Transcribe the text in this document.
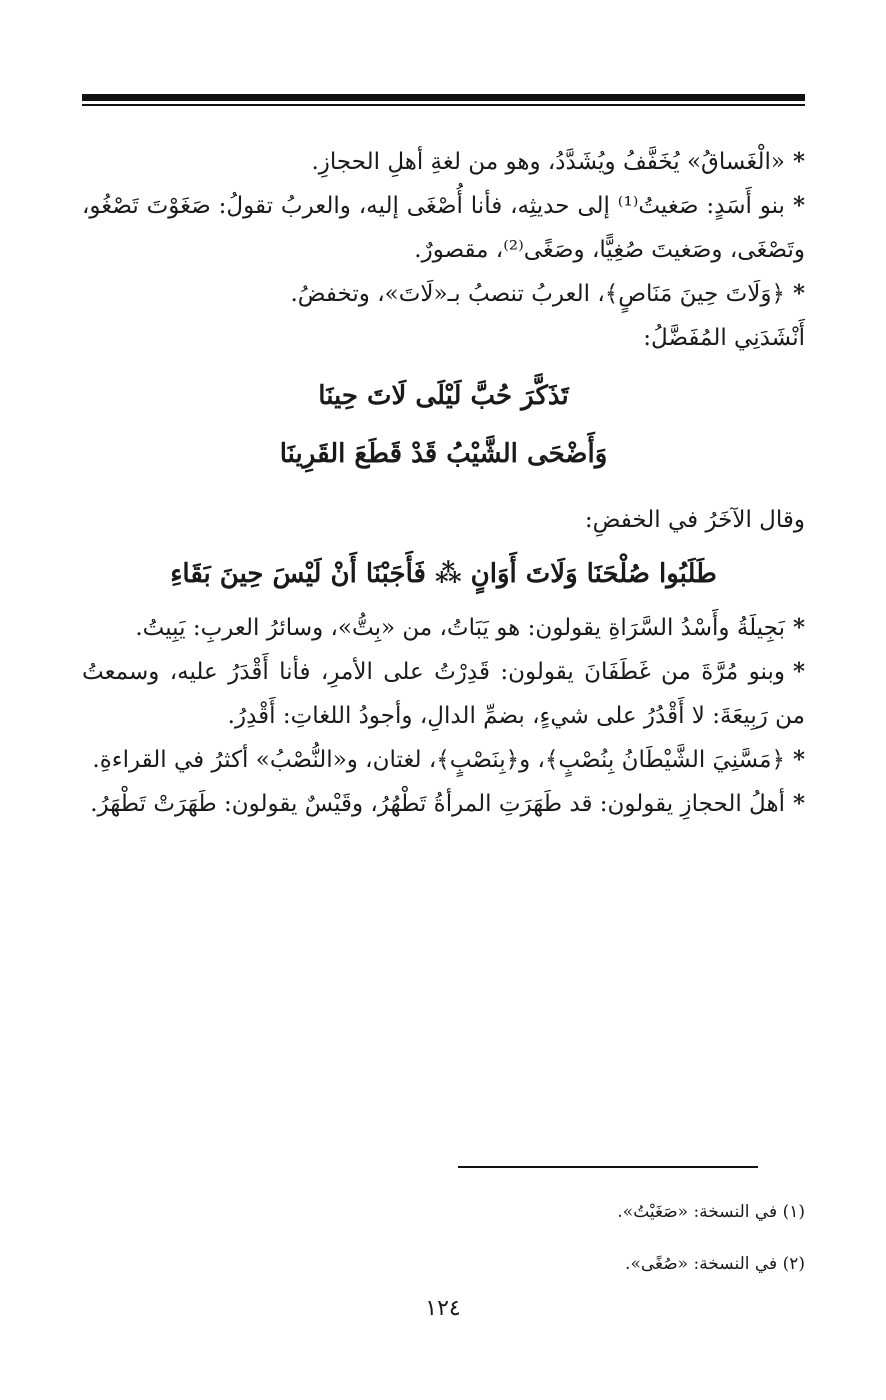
*«الْغَساقُ» يُخَفَّفُ ويُشَدَّدُ، وهو من لغةِ أهلِ الحجازِ.

*بنو أَسَدٍ: صَغيتُ⁽¹⁾ إلى حديثِه، فأنا أُصْغَى إليه، والعربُ تقولُ: صَغَوْتَ تَصْغُو، وتَصْغَى، وصَغيتَ صُغِيًّا، وصَغًى⁽²⁾، مقصورٌ.

*﴿وَلَاتَ حِينَ مَنَاصٍ﴾، العربُ تنصبُ بـ«لَاتَ»، وتخفضُ.

أَنْشَدَنِي المُفَضَّلُ:

تَذَكَّرَ حُبَّ لَيْلَى لَاتَ حِينَا
وَأَضْحَى الشَّيْبُ قَدْ قَطَعَ القَرِينَا

وقال الآخَرُ في الخفضِ:

طَلَبُوا صُلْحَنَا وَلَاتَ أَوَانٍ ⁂ فَأَجَبْنَا أَنْ لَيْسَ حِينَ بَقَاءِ

*بَجِيلَةُ وأَسْدُ السَّرَاةِ يقولون: هو يَبَاتُ، من «بِتُّ»، وسائرُ العربِ: يَبِيتُ.

*وبنو مُرَّةَ من غَطَفَانَ يقولون: قَدِرْتُ على الأمرِ، فأنا أَقْدَرُ عليه، وسمعتُ من رَبِيعَةَ: لا أَقْدُرُ على شيءٍ، بضمِّ الدالِ، وأجودُ اللغاتِ: أَقْدِرُ.

*﴿مَسَّنِيَ الشَّيْطَانُ بِنُصْبٍ﴾، و﴿بِنَصْبٍ﴾، لغتان، و«النُّصْبُ» أكثرُ في القراءةِ.

*أهلُ الحجازِ يقولون: قد طَهَرَتِ المرأةُ تَطْهُرُ، وقَيْسٌ يقولون: طَهَرَتْ تَطْهَرُ.

(١) في النسخة: «صَغَيْتُ».
(٢) في النسخة: «صُغًى».
١٢٤
